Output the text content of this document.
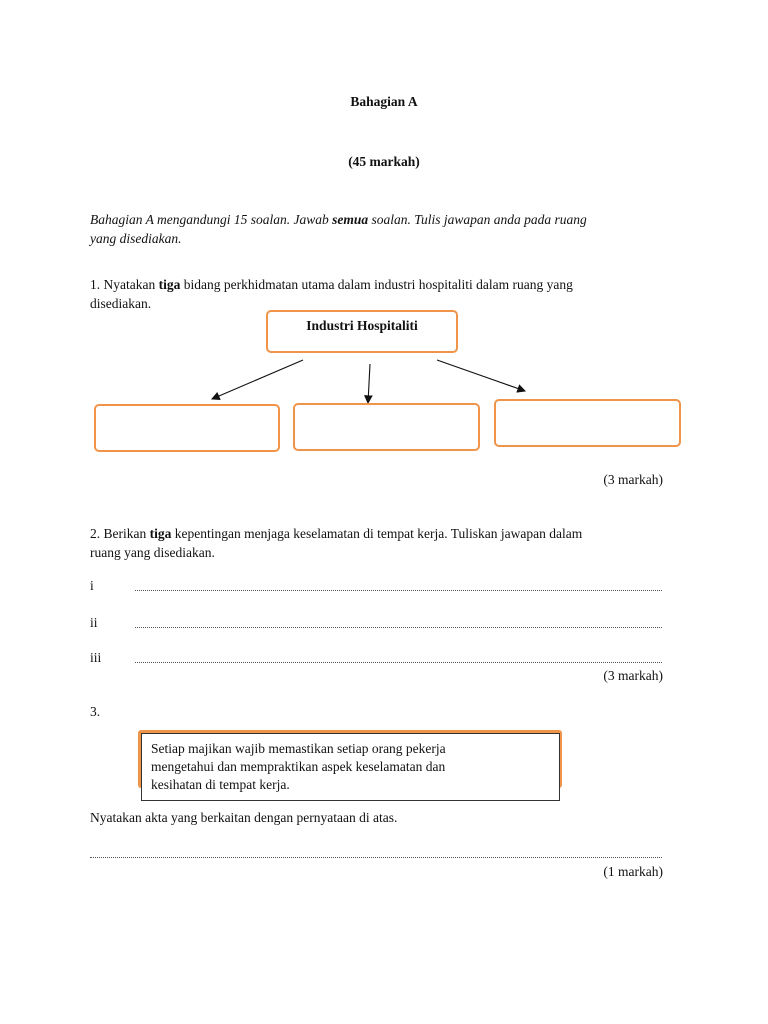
Bahagian A
(45 markah)
Bahagian A mengandungi 15 soalan. Jawab semua soalan. Tulis jawapan anda pada ruang
yang disediakan.
1. Nyatakan tiga bidang perkhidmatan utama dalam industri hospitaliti dalam ruang yang
disediakan.
Industri Hospitaliti
(3 markah)
2. Berikan tiga kepentingan menjaga keselamatan di tempat kerja. Tuliskan jawapan dalam
ruang yang disediakan.
i
ii
iii
(3 markah)
3.
Setiap majikan wajib memastikan setiap orang pekerja
mengetahui dan mempraktikan aspek keselamatan dan
kesihatan di tempat kerja.
Nyatakan akta yang berkaitan dengan pernyataan di atas.
(1 markah)
